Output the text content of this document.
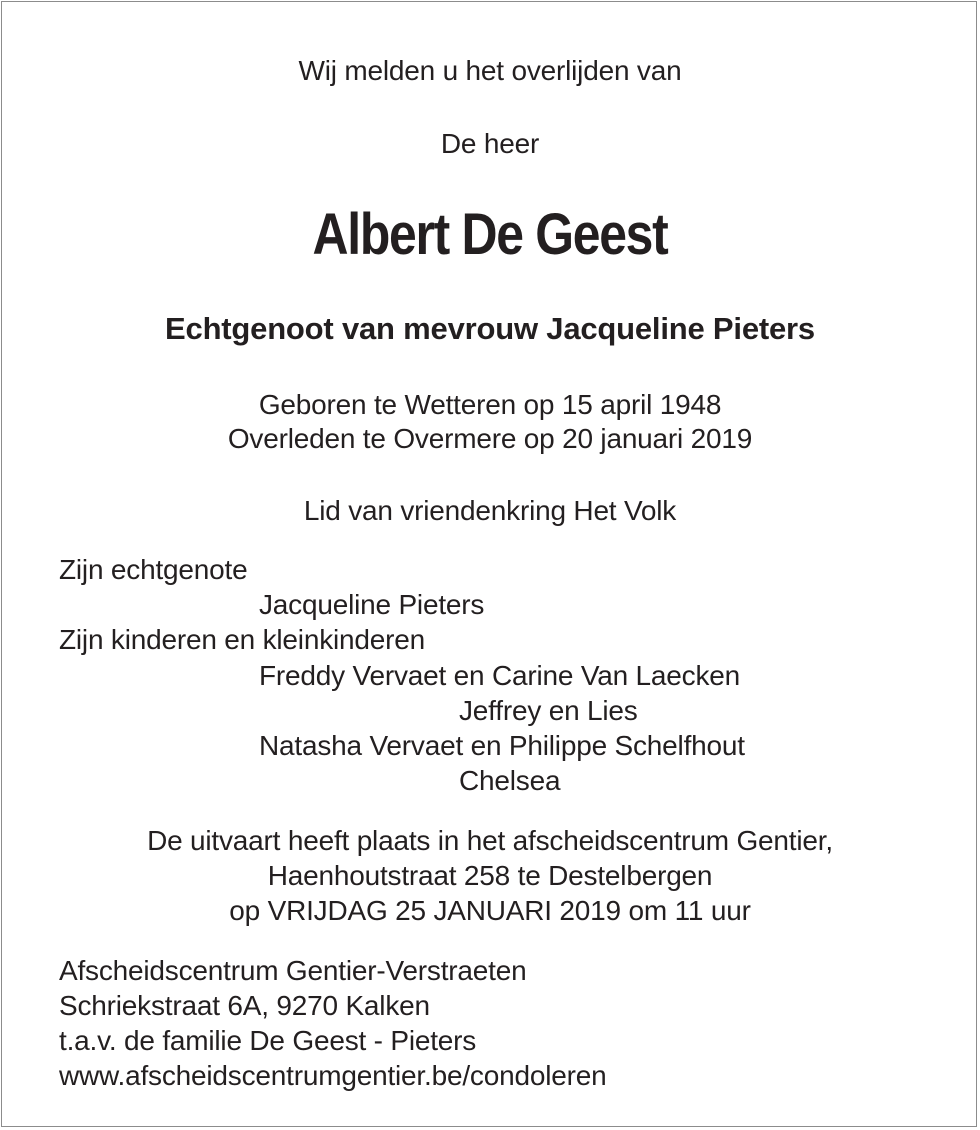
Wij melden u het overlijden van
De heer
Albert De Geest
Echtgenoot van mevrouw Jacqueline Pieters
Geboren te Wetteren op 15 april 1948
Overleden te Overmere op 20 januari 2019
Lid van vriendenkring Het Volk
Zijn echtgenote
Jacqueline Pieters
Zijn kinderen en kleinkinderen
Freddy Vervaet en Carine Van Laecken
Jeffrey en Lies
Natasha Vervaet en Philippe Schelfhout
Chelsea
De uitvaart heeft plaats in het afscheidscentrum Gentier,
Haenhoutstraat 258 te Destelbergen
op VRIJDAG 25 JANUARI 2019 om 11 uur
Afscheidscentrum Gentier-Verstraeten
Schriekstraat 6A, 9270 Kalken
t.a.v. de familie De Geest - Pieters
www.afscheidscentrumgentier.be/condoleren
